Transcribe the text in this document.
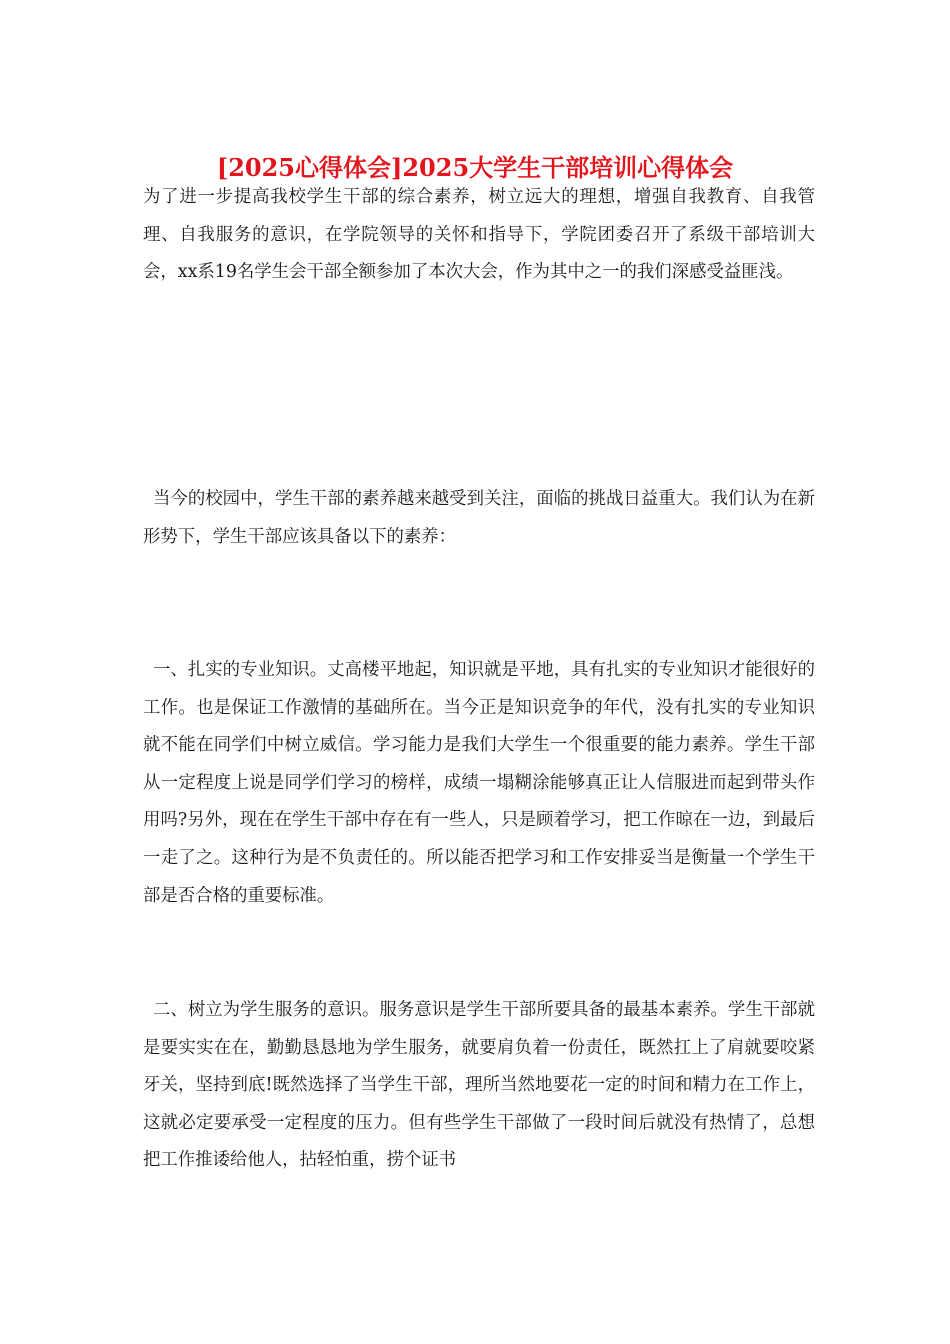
[2025心得体会]2025大学生干部培训心得体会

为了进一步提高我校学生干部的综合素养，树立远大的理想，增强自我教育、自我管理、自我服务的意识，在学院领导的关怀和指导下，学院团委召开了系级干部培训大会，xx系19名学生会干部全额参加了本次大会，作为其中之一的我们深感受益匪浅。

当今的校园中，学生干部的素养越来越受到关注，面临的挑战日益重大。我们认为在新形势下，学生干部应该具备以下的素养：

一、扎实的专业知识。丈高楼平地起，知识就是平地，具有扎实的专业知识才能很好的工作。也是保证工作激情的基础所在。当今正是知识竞争的年代，没有扎实的专业知识就不能在同学们中树立威信。学习能力是我们大学生一个很重要的能力素养。学生干部从一定程度上说是同学们学习的榜样，成绩一塌糊涂能够真正让人信服进而起到带头作用吗?另外，现在在学生干部中存在有一些人，只是顾着学习，把工作晾在一边，到最后一走了之。这种行为是不负责任的。所以能否把学习和工作安排妥当是衡量一个学生干部是否合格的重要标准。

二、树立为学生服务的意识。服务意识是学生干部所要具备的最基本素养。学生干部就是要实实在在，勤勤恳恳地为学生服务，就要肩负着一份责任，既然扛上了肩就要咬紧牙关，坚持到底!既然选择了当学生干部，理所当然地要花一定的时间和精力在工作上，这就必定要承受一定程度的压力。但有些学生干部做了一段时间后就没有热情了，总想把工作推诿给他人，拈轻怕重，捞个证书
